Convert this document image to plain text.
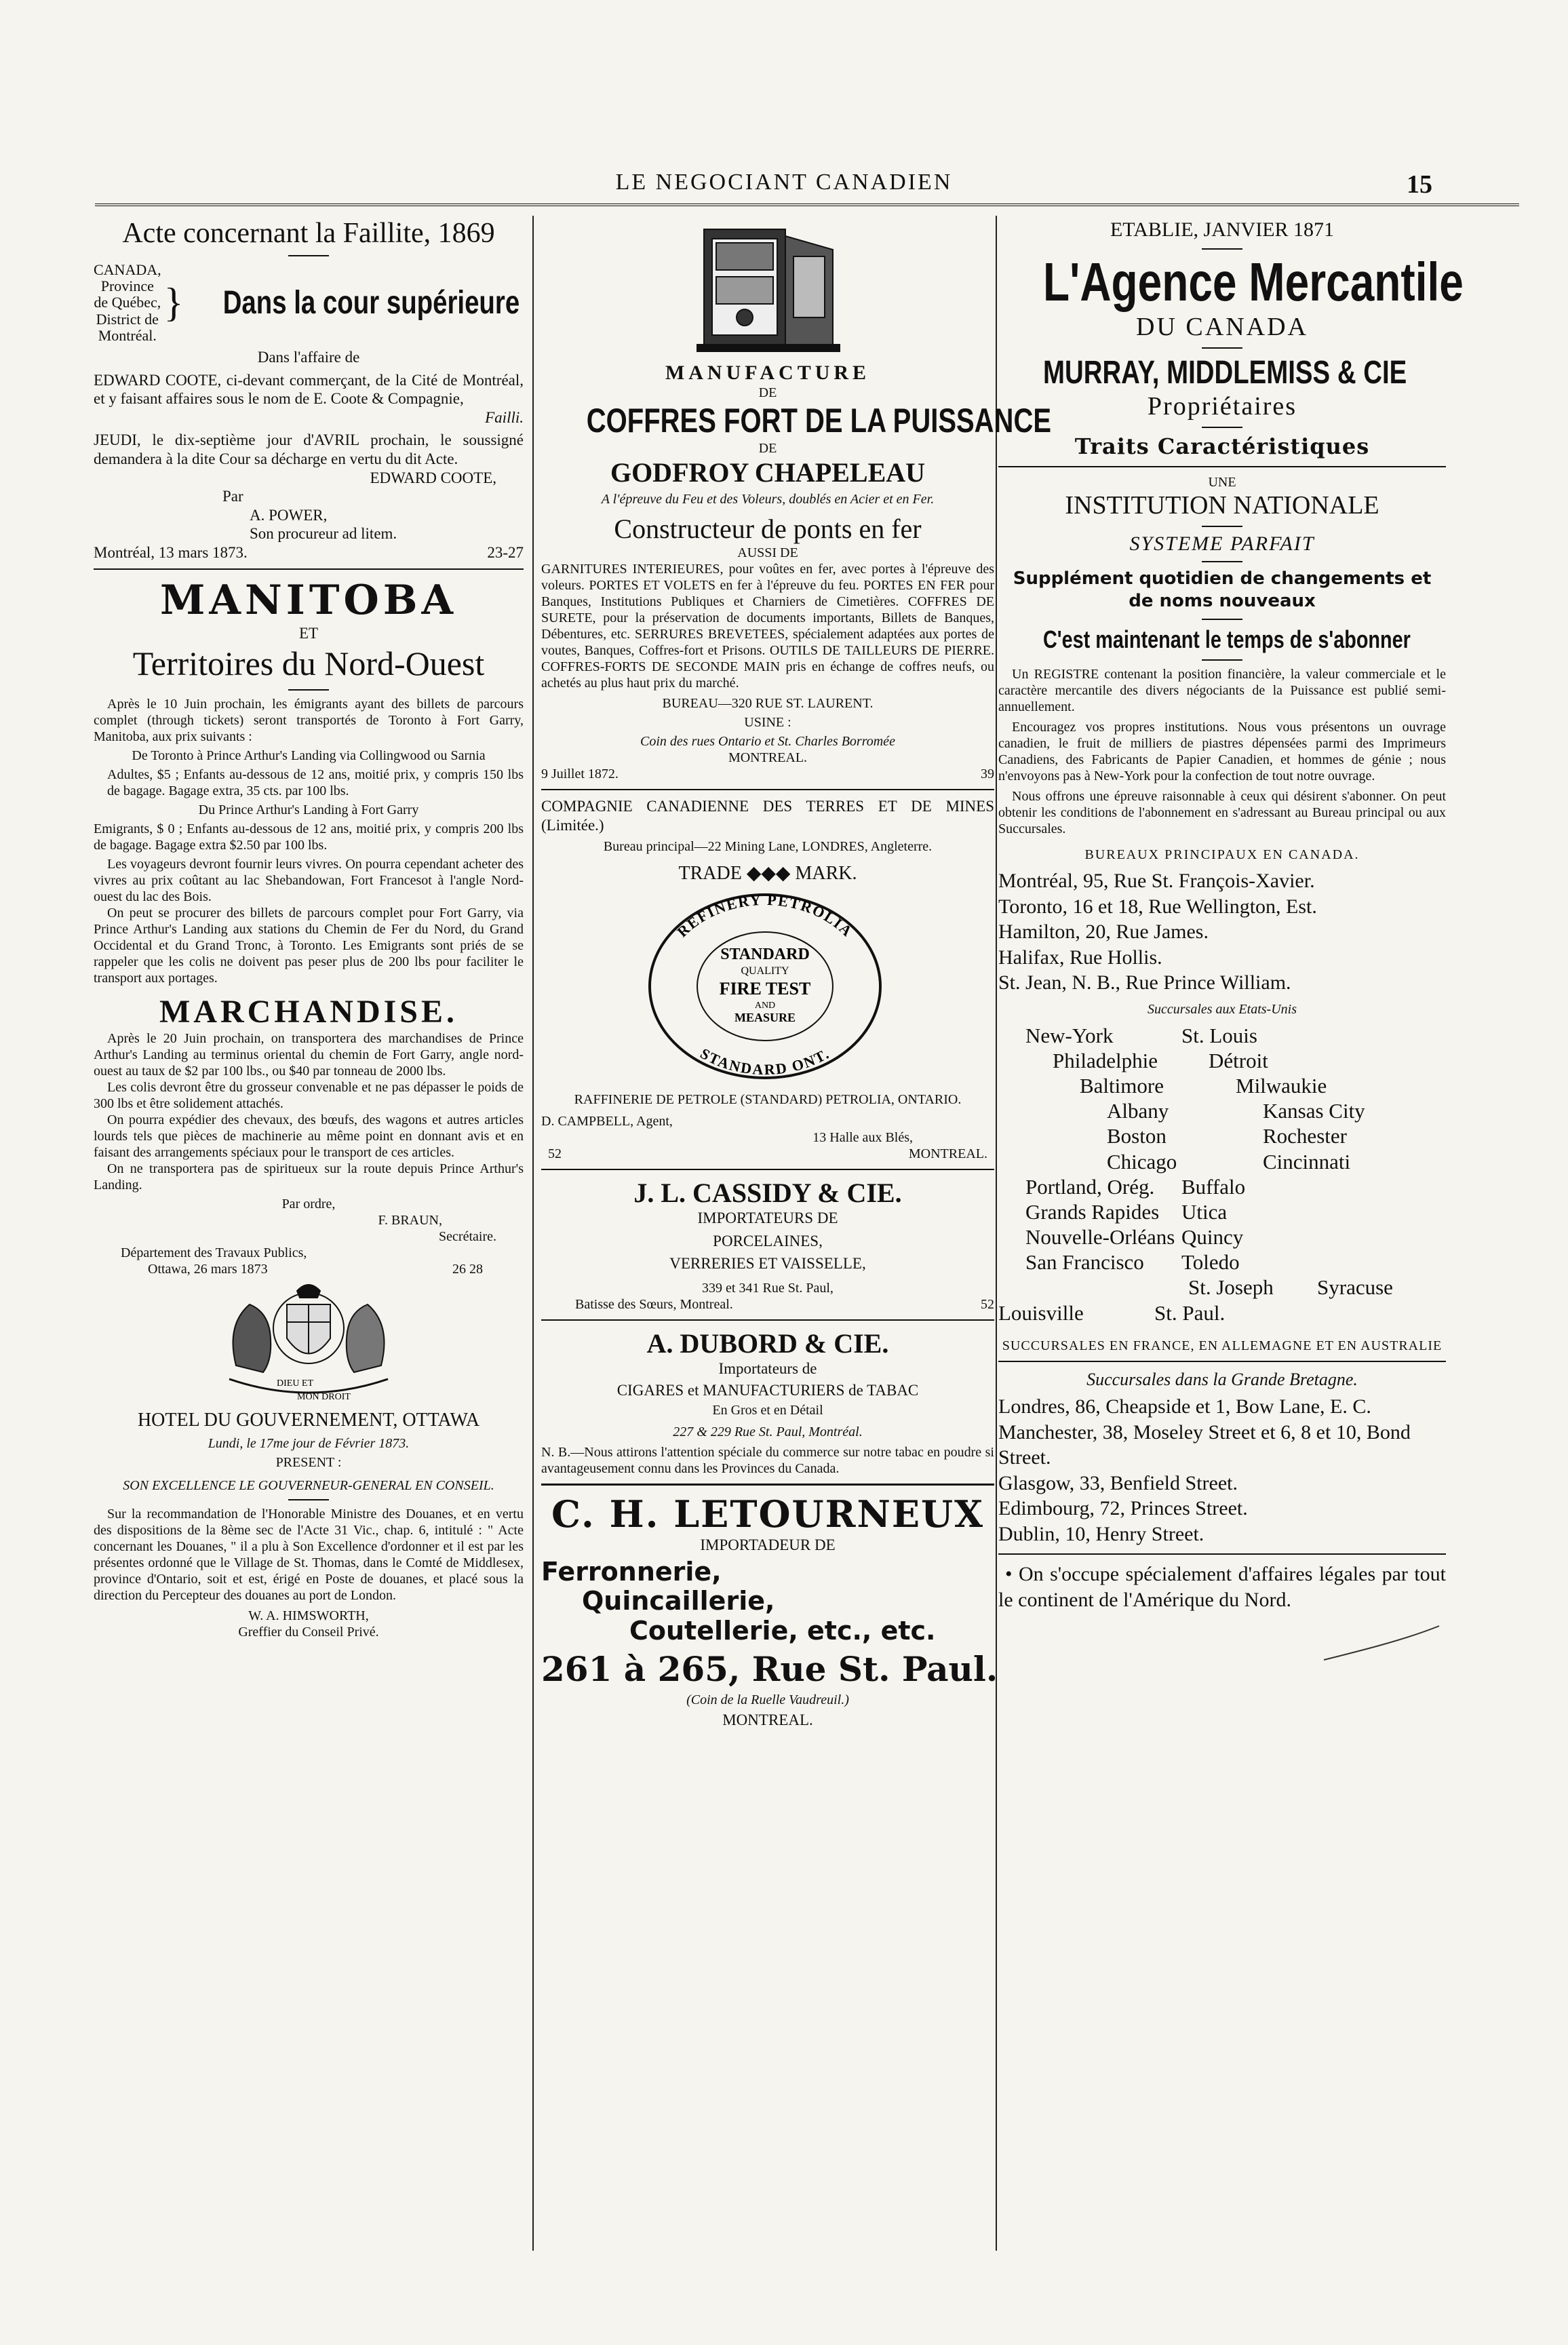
LE NEGOCIANT CANADIEN	15

Acte concernant la Faillite, 1869

CANADA,
Province de Québec,
District de Montréal.
} Dans la cour supérieure

Dans l'affaire de

EDWARD COOTE, ci-devant commerçant, de la Cité de Montréal, et y faisant affaires sous le nom de E. Coote & Compagnie,

Failli.

JEUDI, le dix-septième jour d'AVRIL prochain, le soussigné demandera à la dite Cour sa décharge en vertu du dit Acte.

EDWARD COOTE,

Par

A. POWER,

Son procureur ad litem.

Montréal, 13 mars 1873.	23-27

MANITOBA

ET

Territoires du Nord-Ouest

Après le 10 Juin prochain, les émigrants ayant des billets de parcours complet (through tickets) seront transportés de Toronto à Fort Garry, Manitoba, aux prix suivants :

De Toronto à Prince Arthur's Landing via Collingwood ou Sarnia

Adultes, $5 ; Enfants au-dessous de 12 ans, moitié prix, y compris 150 lbs de bagage. Bagage extra, 35 cts. par 100 lbs.

Du Prince Arthur's Landing à Fort Garry

Emigrants, $ 0 ; Enfants au-dessous de 12 ans, moitié prix, y compris 200 lbs de bagage. Bagage extra $2.50 par 100 lbs.

Les voyageurs devront fournir leurs vivres. On pourra cependant acheter des vivres au prix coûtant au lac Shebandowan, Fort Francesot à l'angle Nord-ouest du lac des Bois.

On peut se procurer des billets de parcours complet pour Fort Garry, via Prince Arthur's Landing aux stations du Chemin de Fer du Nord, du Grand Occidental et du Grand Tronc, à Toronto. Les Emigrants sont priés de se rappeler que les colis ne doivent pas peser plus de 200 lbs pour faciliter le transport aux portages.

MARCHANDISE.

Après le 20 Juin prochain, on transportera des marchandises de Prince Arthur's Landing au terminus oriental du chemin de Fort Garry, angle nord-ouest au taux de $2 par 100 lbs., ou $40 par tonneau de 2000 lbs.

Les colis devront être du grosseur convenable et ne pas dépasser le poids de 300 lbs et être solidement attachés.

On pourra expédier des chevaux, des bœufs, des wagons et autres articles lourds tels que pièces de machinerie au même point en donnant avis et en faisant des arrangements spéciaux pour le transport de ces articles.

On ne transportera pas de spiritueux sur la route depuis Prince Arthur's Landing.

Par ordre,

F. BRAUN,

Secrétaire.

Département des Travaux Publics,

Ottawa, 26 mars 1873	26 28
DIEU ET
MON DROIT

HOTEL DU GOUVERNEMENT, OTTAWA

Lundi, le 17me jour de Février 1873.

PRESENT :

SON EXCELLENCE LE GOUVERNEUR-GENERAL EN CONSEIL.

Sur la recommandation de l'Honorable Ministre des Douanes, et en vertu des dispositions de la 8ème sec de l'Acte 31 Vic., chap. 6, intitulé : " Acte concernant les Douanes, " il a plu à Son Excellence d'ordonner et il est par les présentes ordonné que le Village de St. Thomas, dans le Comté de Middlesex, province d'Ontario, soit et est, érigé en Poste de douanes, et placé sous la direction du Percepteur des douanes au port de London.

W. A. HIMSWORTH,

Greffier du Conseil Privé.

MANUFACTURE

DE

COFFRES FORT DE LA PUISSANCE

DE

GODFROY CHAPELEAU

A l'épreuve du Feu et des Voleurs, doublés en Acier et en Fer.

Constructeur de ponts en fer

AUSSI DE

GARNITURES INTERIEURES, pour voûtes en fer, avec portes à l'épreuve des voleurs. PORTES ET VOLETS en fer à l'épreuve du feu. PORTES EN FER pour Banques, Institutions Publiques et Charniers de Cimetières. COFFRES DE SURETE, pour la préservation de documents importants, Billets de Banques, Débentures, etc. SERRURES BREVETEES, spécialement adaptées aux portes de voutes, Banques, Coffres-fort et Prisons. OUTILS DE TAILLEURS DE PIERRE. COFFRES-FORTS DE SECONDE MAIN pris en échange de coffres neufs, ou achetés au plus haut prix du marché.

BUREAU—320 RUE ST. LAURENT.

USINE :

Coin des rues Ontario et St. Charles Borromée

MONTREAL.

9 Juillet 1872.	39

COMPAGNIE CANADIENNE DES TERRES ET DE MINES (Limitée.)

Bureau principal—22 Mining Lane, LONDRES, Angleterre.

TRADE ◆◆◆ MARK.
REFINERY PETROLIA
STANDARD ONT.
STANDARD
QUALITY
FIRE TEST
AND
MEASURE

RAFFINERIE DE PETROLE (STANDARD) PETROLIA, ONTARIO.

D. CAMPBELL, Agent,

13 Halle aux Blés,

52	MONTREAL.

J. L. CASSIDY & CIE.

IMPORTATEURS DE

PORCELAINES,

VERRERIES ET VAISSELLE,

339 et 341 Rue St. Paul,

Batisse des Sœurs, Montreal.	52

A. DUBORD & CIE.

Importateurs de

CIGARES et MANUFACTURIERS de TABAC

En Gros et en Détail

227 & 229 Rue St. Paul, Montréal.

N. B.—Nous attirons l'attention spéciale du commerce sur notre tabac en poudre si avantageusement connu dans les Provinces du Canada.

C. H. LETOURNEUX

IMPORTADEUR DE

Ferronnerie,

Quincaillerie,

Coutellerie, etc., etc.

261 à 265, Rue St. Paul.

(Coin de la Ruelle Vaudreuil.)

MONTREAL.

ETABLIE, JANVIER 1871

L'Agence Mercantile

DU CANADA

MURRAY, MIDDLEMISS & CIE

Propriétaires

Traits Caractéristiques

UNE

INSTITUTION NATIONALE

SYSTEME PARFAIT

Supplément quotidien de changements et de noms nouveaux

C'est maintenant le temps de s'abonner

Un REGISTRE contenant la position financière, la valeur commerciale et le caractère mercantile des divers négociants de la Puissance est publié semi-annuellement.

Encouragez vos propres institutions. Nous vous présentons un ouvrage canadien, le fruit de milliers de piastres dépensées parmi des Imprimeurs Canadiens, des Fabricants de Papier Canadien, et hommes de génie ; nous n'envoyons pas à New-York pour la confection de tout notre ouvrage.

Nous offrons une épreuve raisonnable à ceux qui désirent s'abonner. On peut obtenir les conditions de l'abonnement en s'adressant au Bureau principal ou aux Succursales.

BUREAUX PRINCIPAUX EN CANADA.

Montréal, 95, Rue St. François-Xavier.

Toronto, 16 et 18, Rue Wellington, Est.

Hamilton, 20, Rue James.

Halifax, Rue Hollis.

St. Jean, N. B., Rue Prince William.

Succursales aux Etats-Unis

New-York	St. Louis
Philadelphie	Détroit
Baltimore	Milwaukie
Albany	Kansas City
Boston	Rochester
Chicago	Cincinnati
Portland, Orég.	Buffalo
Grands Rapides	Utica
Nouvelle-Orléans Quincy
San Francisco	Toledo
St. Joseph	Syracuse
Louisville	St. Paul.

SUCCURSALES EN FRANCE, EN ALLEMAGNE ET EN AUSTRALIE

Succursales dans la Grande Bretagne.

Londres, 86, Cheapside et 1, Bow Lane, E. C.

Manchester, 38, Moseley Street et 6, 8 et 10, Bond Street.

Glasgow, 33, Benfield Street.

Edimbourg, 72, Princes Street.

Dublin, 10, Henry Street.

• On s'occupe spécialement d'affaires légales par tout le continent de l'Amérique du Nord.
